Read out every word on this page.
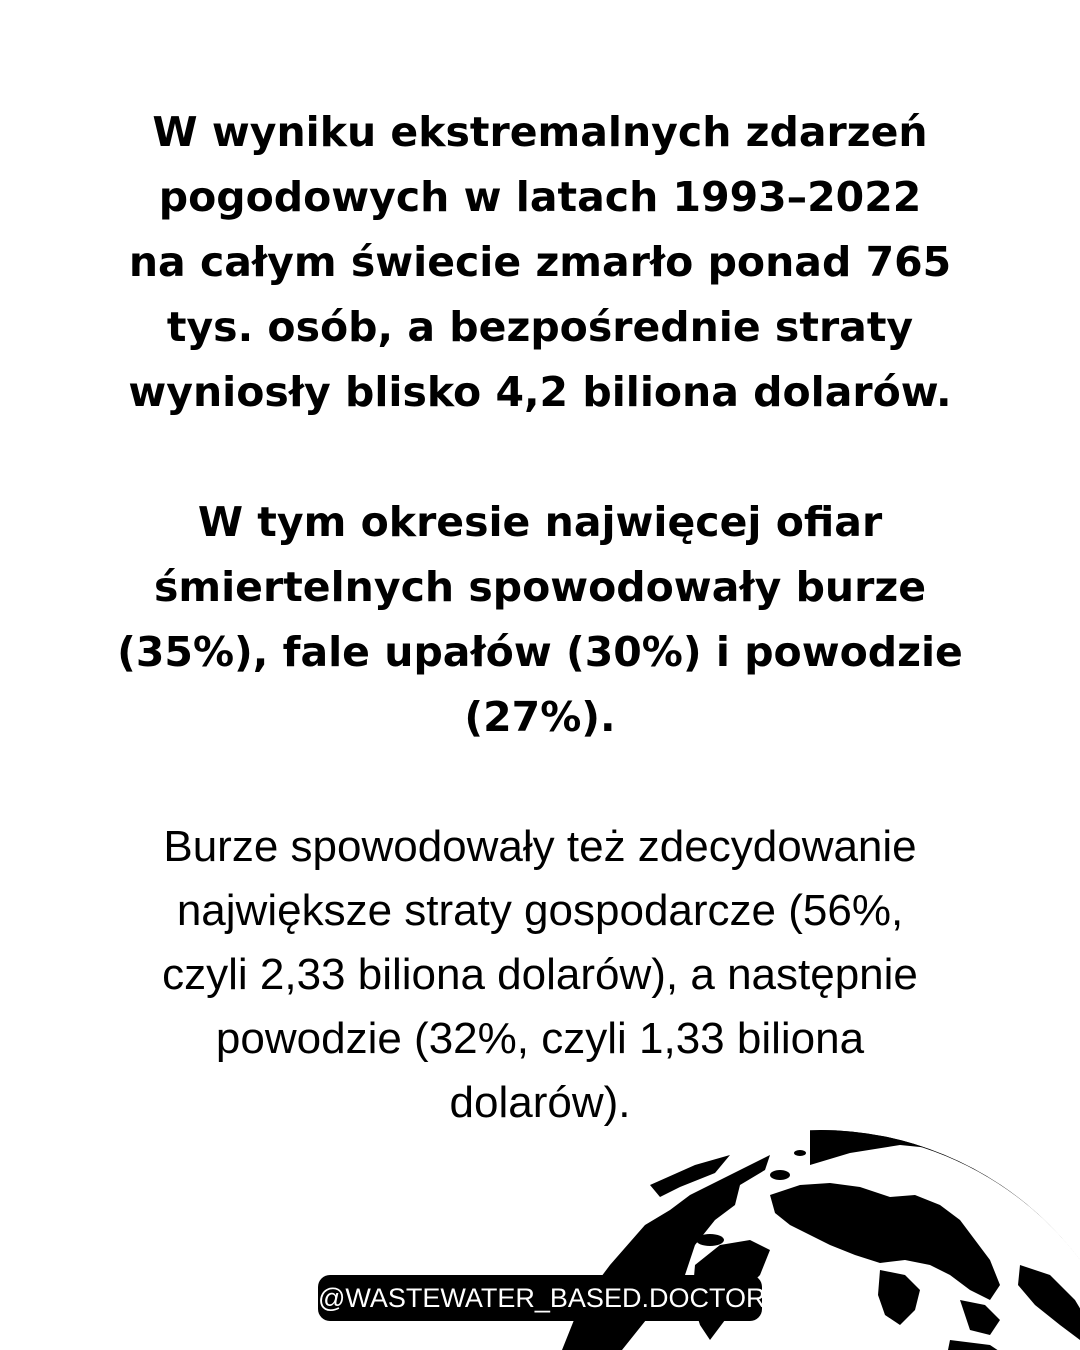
W wyniku ekstremalnych zdarzeń
pogodowych w latach 1993–2022
na całym świecie zmarło ponad 765
tys. osób, a bezpośrednie straty
wyniosły blisko 4,2 biliona dolarów.

W tym okresie najwięcej ofiar
śmiertelnych spowodowały burze
(35%), fale upałów (30%) i powodzie
(27%).

Burze spowodowały też zdecydowanie
największe straty gospodarcze (56%,
czyli 2,33 biliona dolarów), a następnie
powodzie (32%, czyli 1,33 biliona
dolarów).

@WASTEWATER_BASED.DOCTOR
